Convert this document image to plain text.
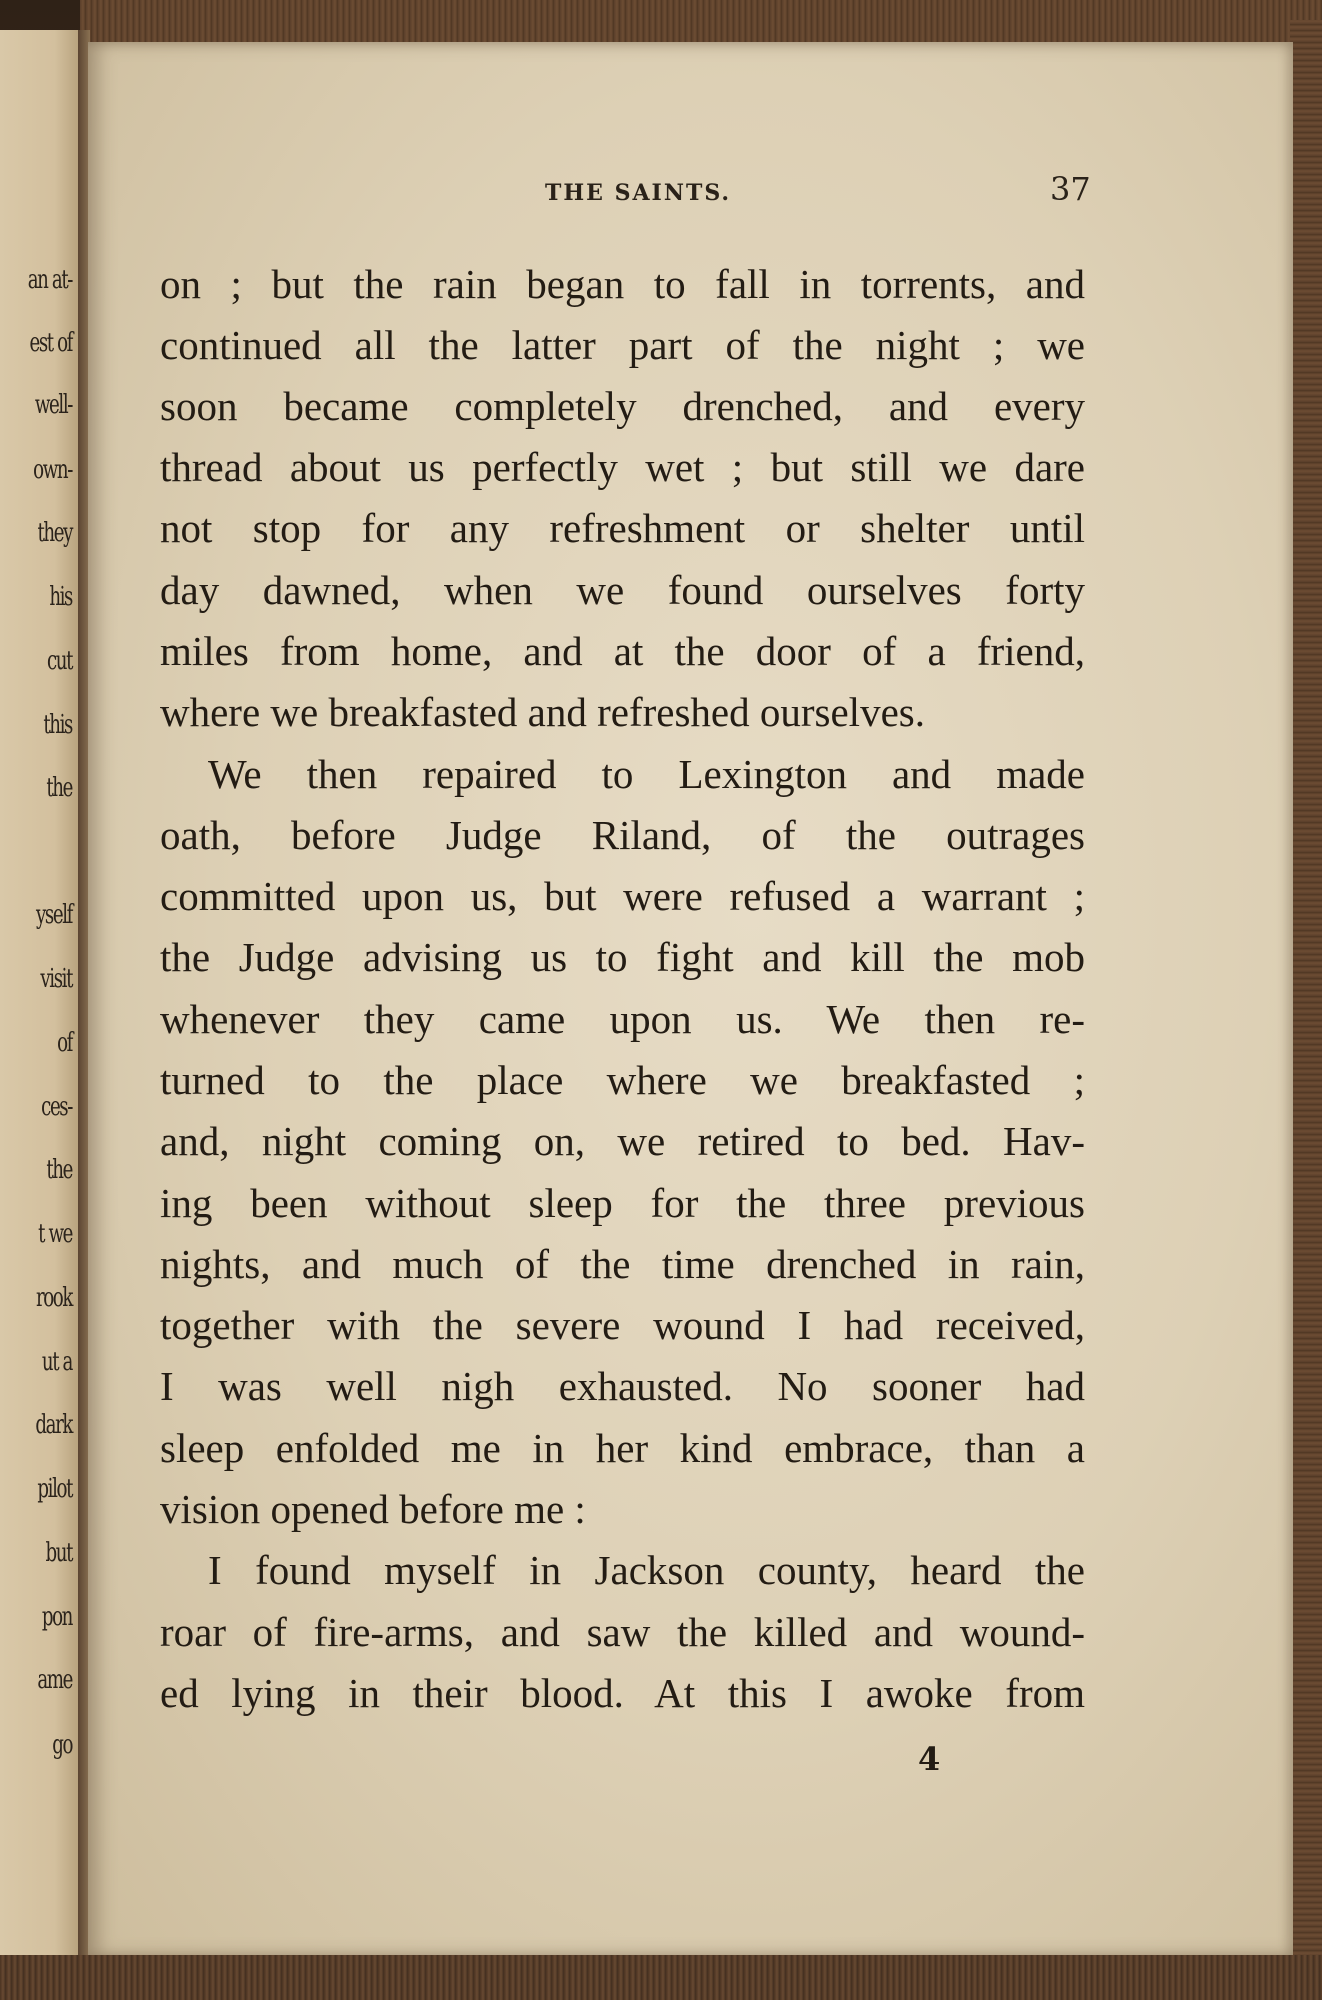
an at-
est of
well-
own-
they
his
cut
this
the
yself
visit
of
ces-
the
t we
rook
ut a
dark
pilot
but
pon
ame
go
THE SAINTS.	37
on ; but the rain began to fall in torrents, and
continued all the latter part of the night ; we
soon became completely drenched, and every
thread about us perfectly wet ; but still we dare
not stop for any refreshment or shelter until
day dawned, when we found ourselves forty
miles from home, and at the door of a friend,
where we breakfasted and refreshed ourselves.
We then repaired to Lexington and made
oath, before Judge Riland, of the outrages
committed upon us, but were refused a warrant ;
the Judge advising us to fight and kill the mob
whenever they came upon us. We then re-
turned to the place where we breakfasted ;
and, night coming on, we retired to bed. Hav-
ing been without sleep for the three previous
nights, and much of the time drenched in rain,
together with the severe wound I had received,
I was well nigh exhausted. No sooner had
sleep enfolded me in her kind embrace, than a
vision opened before me :
I found myself in Jackson county, heard the
roar of fire-arms, and saw the killed and wound-
ed lying in their blood. At this I awoke from
4
